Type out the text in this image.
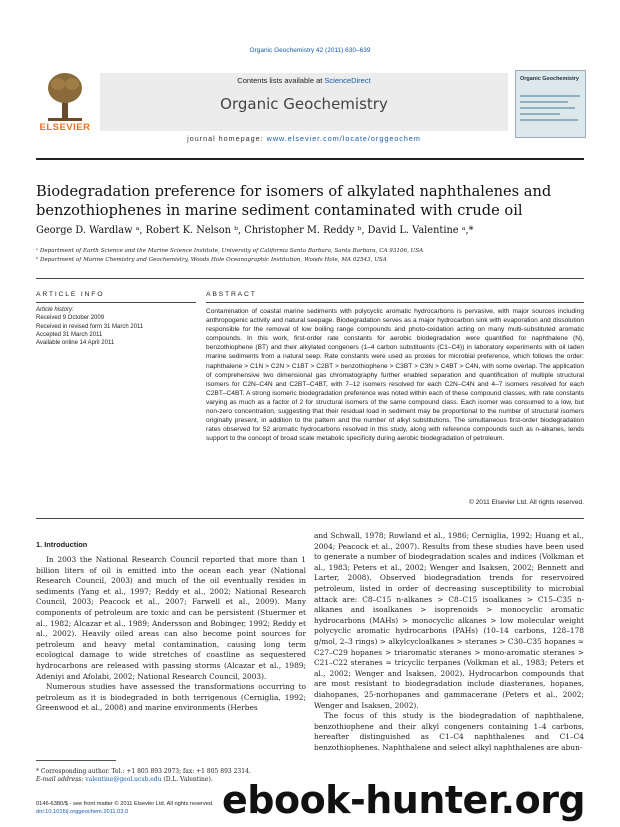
Organic Geochemistry 42 (2011) 630–639
ELSEVIER
Contents lists available at ScienceDirect
Organic Geochemistry
journal homepage: www.elsevier.com/locate/orggeochem
Organic Geochemistry
Biodegradation preference for isomers of alkylated naphthalenes and
benzothiophenes in marine sediment contaminated with crude oil
George D. Wardlaw ᵃ, Robert K. Nelson ᵇ, Christopher M. Reddy ᵇ, David L. Valentine ᵃ,*
ᵃ Department of Earth Science and the Marine Science Institute, University of California Santa Barbara, Santa Barbara, CA 93106, USA
ᵇ Department of Marine Chemistry and Geochemistry, Woods Hole Oceanographic Institution, Woods Hole, MA 02543, USA
ARTICLE INFO
Article history:
Received 9 October 2009
Received in revised form 31 March 2011
Accepted 31 March 2011
Available online 14 April 2011
ABSTRACT
Contamination of coastal marine sediments with polycyclic aromatic hydrocarbons is pervasive, with major sources including anthropogenic activity and natural seepage. Biodegradation serves as a major hydrocarbon sink with evaporation and dissolution responsible for the removal of low boiling range compounds and photo-oxidation acting on many multi-substituted aromatic compounds. In this work, first-order rate constants for aerobic biodegradation were quantified for naphthalene (N), benzothiophene (BT) and their alkylated congeners (1–4 carbon substituents (C1–C4)) in laboratory experiments with oil laden marine sediments from a natural seep. Rate constants were used as proxies for microbial preference, which follows the order: naphthalene > C1N > C2N > C1BT > C2BT > benzothiophene > C3BT > C3N > C4BT > C4N, with some overlap. The application of comprehensive two dimensional gas chromatography further enabled separation and quantification of multiple structural isomers for C2N–C4N and C2BT–C4BT, with 7–12 isomers resolved for each C2N–C4N and 4–7 isomers resolved for each C2BT–C4BT. A strong isomeric biodegradation preference was noted within each of these compound classes, with rate constants varying as much as a factor of 2 for structural isomers of the same compound class. Each isomer was consumed to a low, but non-zero concentration, suggesting that their residual load in sediment may be proportional to the number of structural isomers originally present, in addition to the pattern and the number of alkyl substitutions. The simultaneous first-order biodegradation rates observed for 52 aromatic hydrocarbons resolved in this study, along with reference compounds such as n-alkanes, lends support to the concept of broad scale metabolic specificity during aerobic biodegradation of petroleum.
© 2011 Elsevier Ltd. All rights reserved.
1. Introduction

In 2003 the National Research Council reported that more than 1 billion liters of oil is emitted into the ocean each year (National Research Council, 2003) and much of the oil eventually resides in sediments (Yang et al., 1997; Reddy et al., 2002; National Research Council, 2003; Peacock et al., 2007; Farwell et al., 2009). Many components of petroleum are toxic and can be persistent (Stuermer et al., 1982; Alcazar et al., 1989; Andersson and Bobinger, 1992; Reddy et al., 2002). Heavily oiled areas can also become point sources for petroleum and heavy metal contamination, causing long term ecological damage to wide stretches of coastline as sequestered hydrocarbons are released with passing storms (Alcazar et al., 1989; Adeniyi and Afolabi, 2002; National Research Council, 2003).

Numerous studies have assessed the transformations occurring to petroleum as it is biodegraded in both terrigenous (Cerniglia, 1992; Greenwood et al., 2008) and marine environments (Herbes

and Schwall, 1978; Rowland et al., 1986; Cerniglia, 1992; Huang et al., 2004; Peacock et al., 2007). Results from these studies have been used to generate a number of biodegradation scales and indices (Volkman et al., 1983; Peters et al., 2002; Wenger and Isaksen, 2002; Bennett and Larter, 2008). Observed biodegradation trends for reservoired petroleum, listed in order of decreasing susceptibility to microbial attack are: C8–C15 n-alkanes > C8–C15 isoalkanes > C15–C35 n-alkanes and isoalkanes > isoprenoids > monocyclic aromatic hydrocarbons (MAHs) > monocyclic alkanes > low molecular weight polycyclic aromatic hydrocarbons (PAHs) (10–14 carbons, 128–178 g/mol, 2–3 rings) > alkylcycloalkanes > steranes > C30–C35 hopanes ≈ C27–C29 hopanes > triaromatic steranes > mono-aromatic steranes > C21–C22 steranes ≈ tricyclic terpanes (Volkman et al., 1983; Peters et al., 2002; Wenger and Isaksen, 2002). Hydrocarbon compounds that are most resistant to biodegradation include diasteranes, hopanes, diahopanes, 25-norhopanes and gammacerane (Peters et al., 2002; Wenger and Isaksen, 2002).

The focus of this study is the biodegradation of naphthalene, benzothiophene and their alkyl congeners containing 1–4 carbons, hereafter distinguished as C1–C4 naphthalenes and C1–C4 benzothiophenes. Naphthalene and select alkyl naphthalenes are abun-

* Corresponding author. Tel.: +1 805 893 2973; fax: +1 805 893 2314.
E-mail address: valentine@geol.ucsb.edu (D.L. Valentine).
0146-6380/$ - see front matter © 2011 Elsevier Ltd. All rights reserved.
doi:10.1016/j.orggeochem.2011.03.0	ebook-hunter.org
